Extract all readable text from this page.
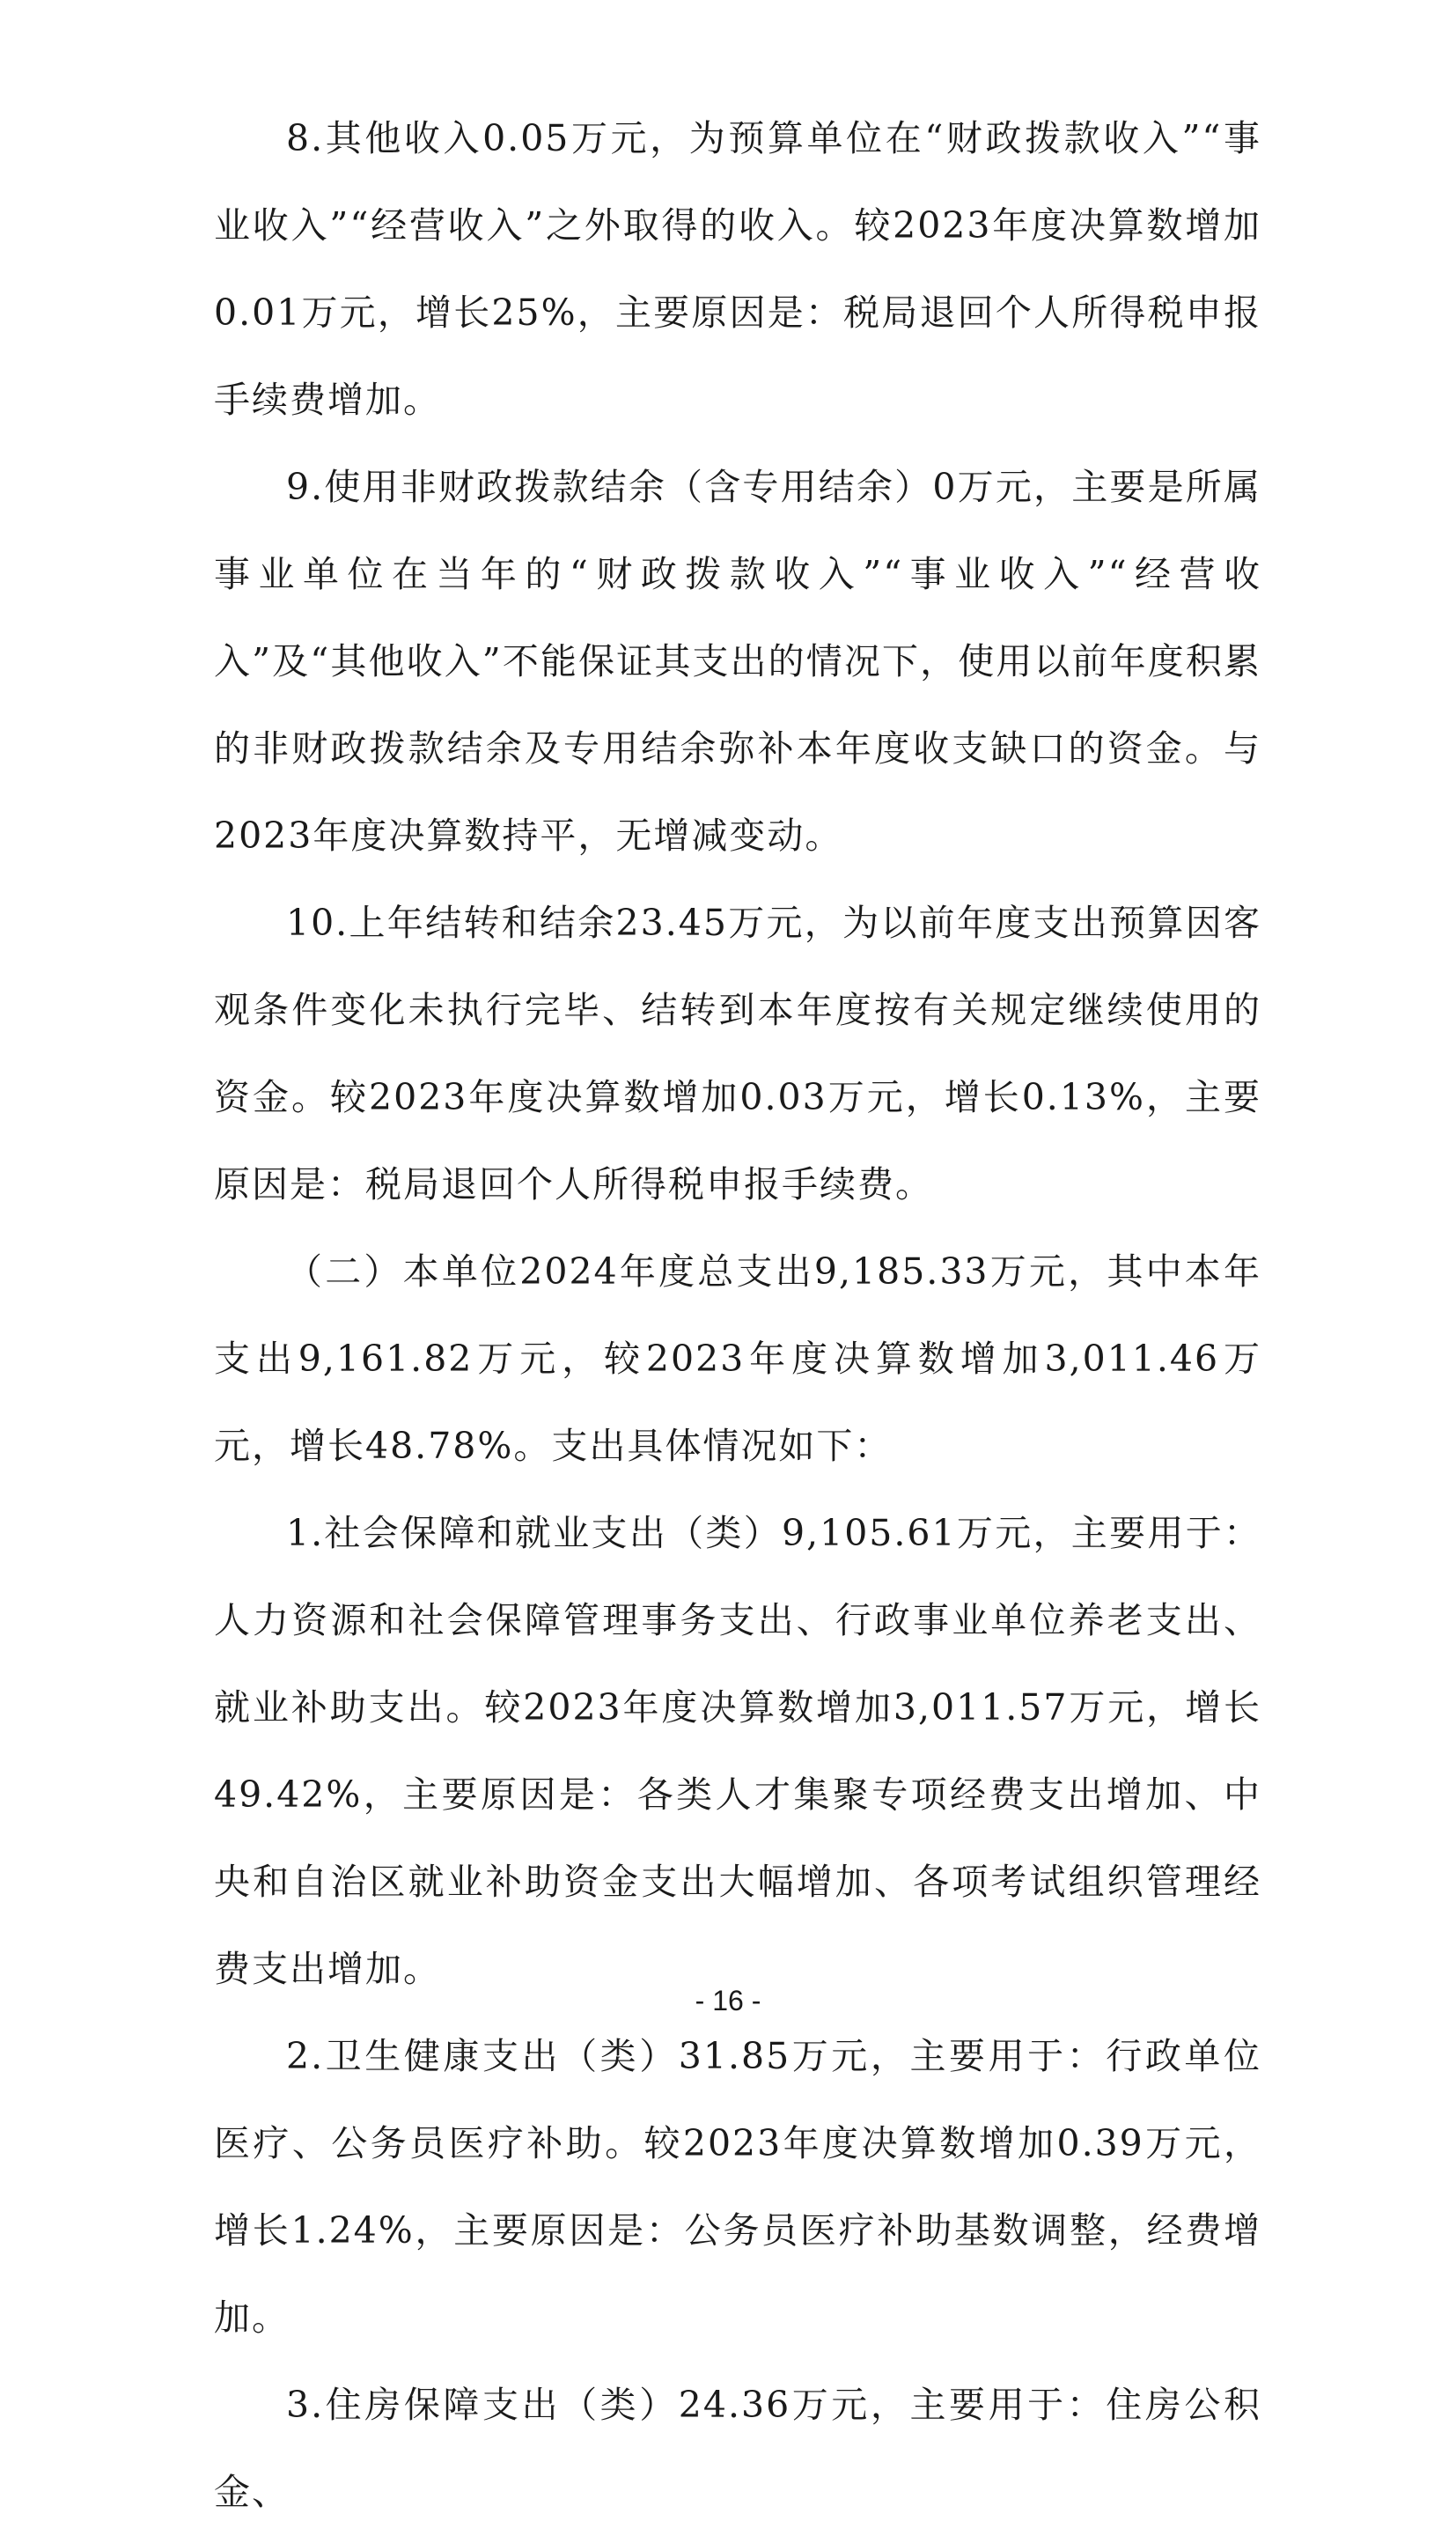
8.其他收入0.05万元，为预算单位在“财政拨款收入”“事业收入”“经营收入”之外取得的收入。较2023年度决算数增加0.01万元，增长25%，主要原因是：税局退回个人所得税申报手续费增加。

9.使用非财政拨款结余（含专用结余）0万元，主要是所属事业单位在当年的“财政拨款收入”“事业收入”“经营收入”及“其他收入”不能保证其支出的情况下，使用以前年度积累的非财政拨款结余及专用结余弥补本年度收支缺口的资金。与2023年度决算数持平，无增减变动。

10.上年结转和结余23.45万元，为以前年度支出预算因客观条件变化未执行完毕、结转到本年度按有关规定继续使用的资金。较2023年度决算数增加0.03万元，增长0.13%，主要原因是：税局退回个人所得税申报手续费。

（二）本单位2024年度总支出9,185.33万元，其中本年支出9,161.82万元，较2023年度决算数增加3,011.46万元，增长48.78%。支出具体情况如下：

1.社会保障和就业支出（类）9,105.61万元，主要用于：人力资源和社会保障管理事务支出、行政事业单位养老支出、就业补助支出。较2023年度决算数增加3,011.57万元，增长49.42%，主要原因是：各类人才集聚专项经费支出增加、中央和自治区就业补助资金支出大幅增加、各项考试组织管理经费支出增加。

2.卫生健康支出（类）31.85万元，主要用于：行政单位医疗、公务员医疗补助。较2023年度决算数增加0.39万元，增长1.24%，主要原因是：公务员医疗补助基数调整，经费增加。

3.住房保障支出（类）24.36万元，主要用于：住房公积金、

- 16 -
